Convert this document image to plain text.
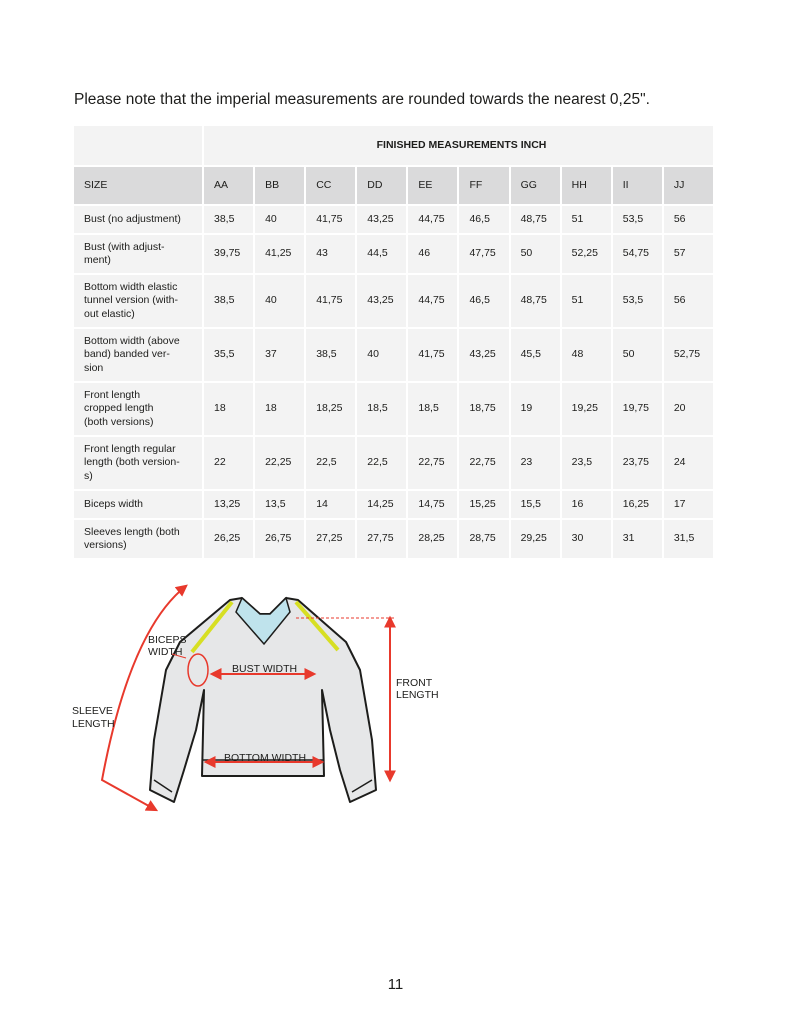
Please note that the imperial measurements are rounded towards the nearest 0,25".

	FINISHED MEASUREMENTS INCH									
SIZE	AA	BB	CC	DD	EE	FF	GG	HH	II	JJ
Bust (no adjustment)	38,5	40	41,75	43,25	44,75	46,5	48,75	51	53,5	56
Bust (with adjust-
ment)	39,75	41,25	43	44,5	46	47,75	50	52,25	54,75	57
Bottom width elastic
tunnel version (with-
out elastic)	38,5	40	41,75	43,25	44,75	46,5	48,75	51	53,5	56
Bottom width (above
band) banded ver-
sion	35,5	37	38,5	40	41,75	43,25	45,5	48	50	52,75
Front length
cropped length
(both versions)	18	18	18,25	18,5	18,5	18,75	19	19,25	19,75	20
Front length regular
length (both version-
s)	22	22,25	22,5	22,5	22,75	22,75	23	23,5	23,75	24
Biceps width	13,25	13,5	14	14,25	14,75	15,25	15,5	16	16,25	17
Sleeves length (both
versions)	26,25	26,75	27,25	27,75	28,25	28,75	29,25	30	31	31,5
BICEPS
WIDTH
BUST WIDTH
FRONT
LENGTH
SLEEVE
LENGTH
BOTTOM WIDTH
11
